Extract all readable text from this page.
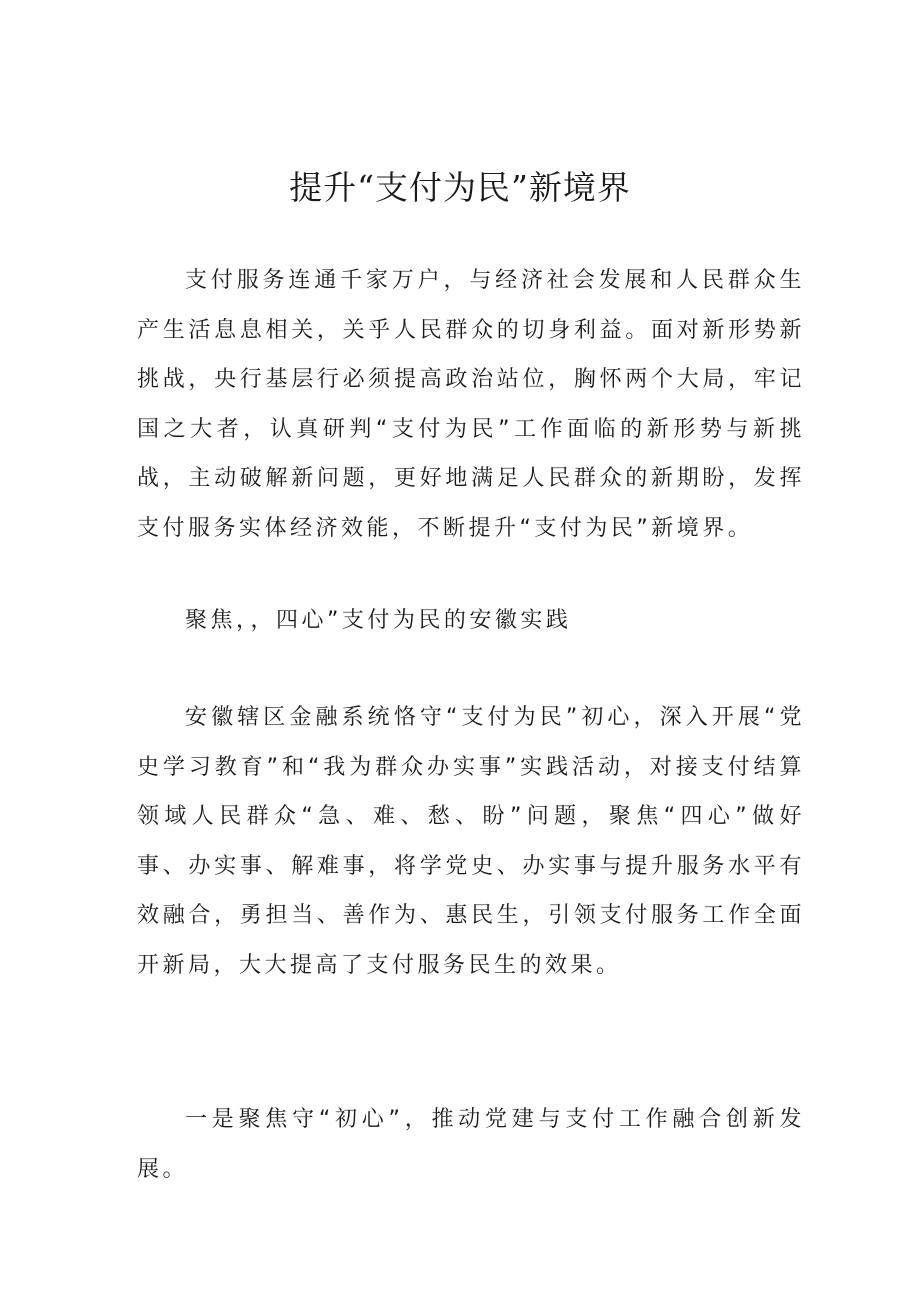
提升“支付为民”新境界

支付服务连通千家万户，与经济社会发展和人民群众生产生活息息相关，关乎人民群众的切身利益。面对新形势新挑战，央行基层行必须提高政治站位，胸怀两个大局，牢记国之大者，认真研判“支付为民”工作面临的新形势与新挑战，主动破解新问题，更好地满足人民群众的新期盼，发挥支付服务实体经济效能，不断提升“支付为民”新境界。

聚焦，，四心”支付为民的安徽实践

安徽辖区金融系统恪守“支付为民”初心，深入开展“党史学习教育”和“我为群众办实事”实践活动，对接支付结算领域人民群众“急、难、愁、盼”问题，聚焦“四心”做好事、办实事、解难事，将学党史、办实事与提升服务水平有效融合，勇担当、善作为、惠民生，引领支付服务工作全面开新局，大大提高了支付服务民生的效果。

一是聚焦守“初心”，推动党建与支付工作融合创新发展。
